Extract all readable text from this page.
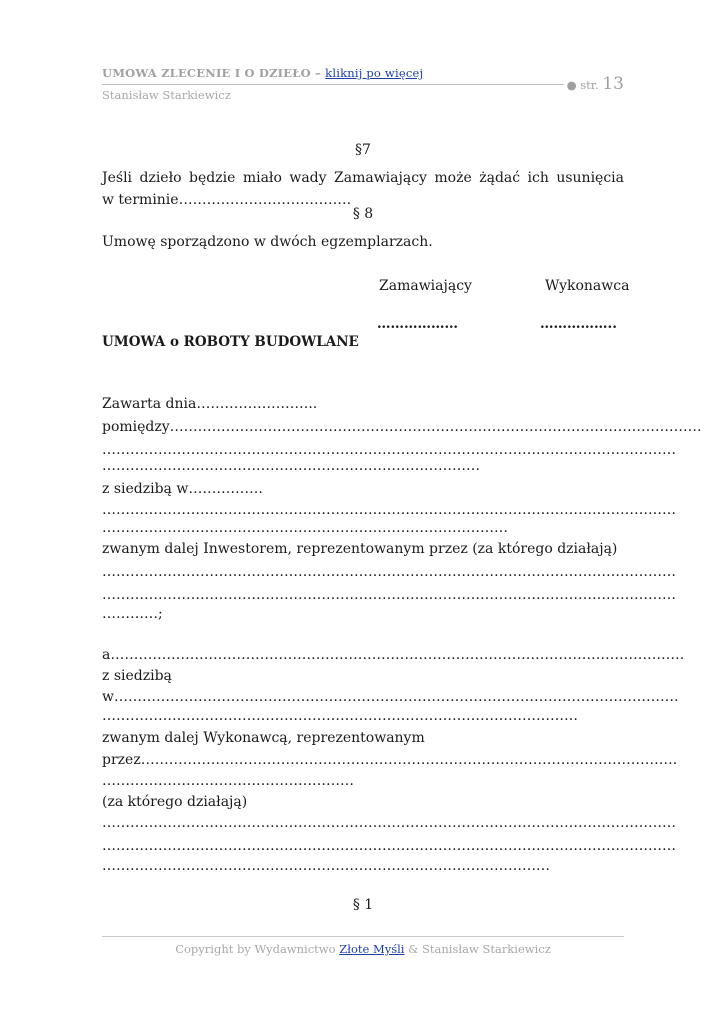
UMOWA ZLECENIE I O DZIEŁO – kliknij po więcej
Stanisław Starkiewicz
● str. 13
§7
Jeśli dzieło będzie miało wady Zamawiający może żądać ich usunięcia
w terminie……………………………….
§ 8
Umowę sporządzono w dwóch egzemplarzach.
Zamawiający	Wykonawca
………………	……………..
UMOWA o ROBOTY BUDOWLANE
Zawarta dnia……………………..
pomiędzy……………………………………………………………………………………………………
……………………………………………………………………………………………………………
………………………………………………………………………
z siedzibą w…………….
……………………………………………………………………………………………………………
……………………………………………………………………………
zwanym dalej Inwestorem, reprezentowanym przez (za którego działają)
……………………………………………………………………………………………………………
……………………………………………………………………………………………………………
…………;
a……………………………………………………………………………………………………………
z siedzibą
w………………………………………………………………………………………………………….
…………………………………………………………………………………………
zwanym dalej Wykonawcą, reprezentowanym
przez…………………………………………………………………………………………………….
………………………………………………
(za którego działają)
……………………………………………………………………………………………………………
……………………………………………………………………………………………………………
……………………………………………………………………………………
§ 1
Copyright by Wydawnictwo Złote Myśli & Stanisław Starkiewicz
